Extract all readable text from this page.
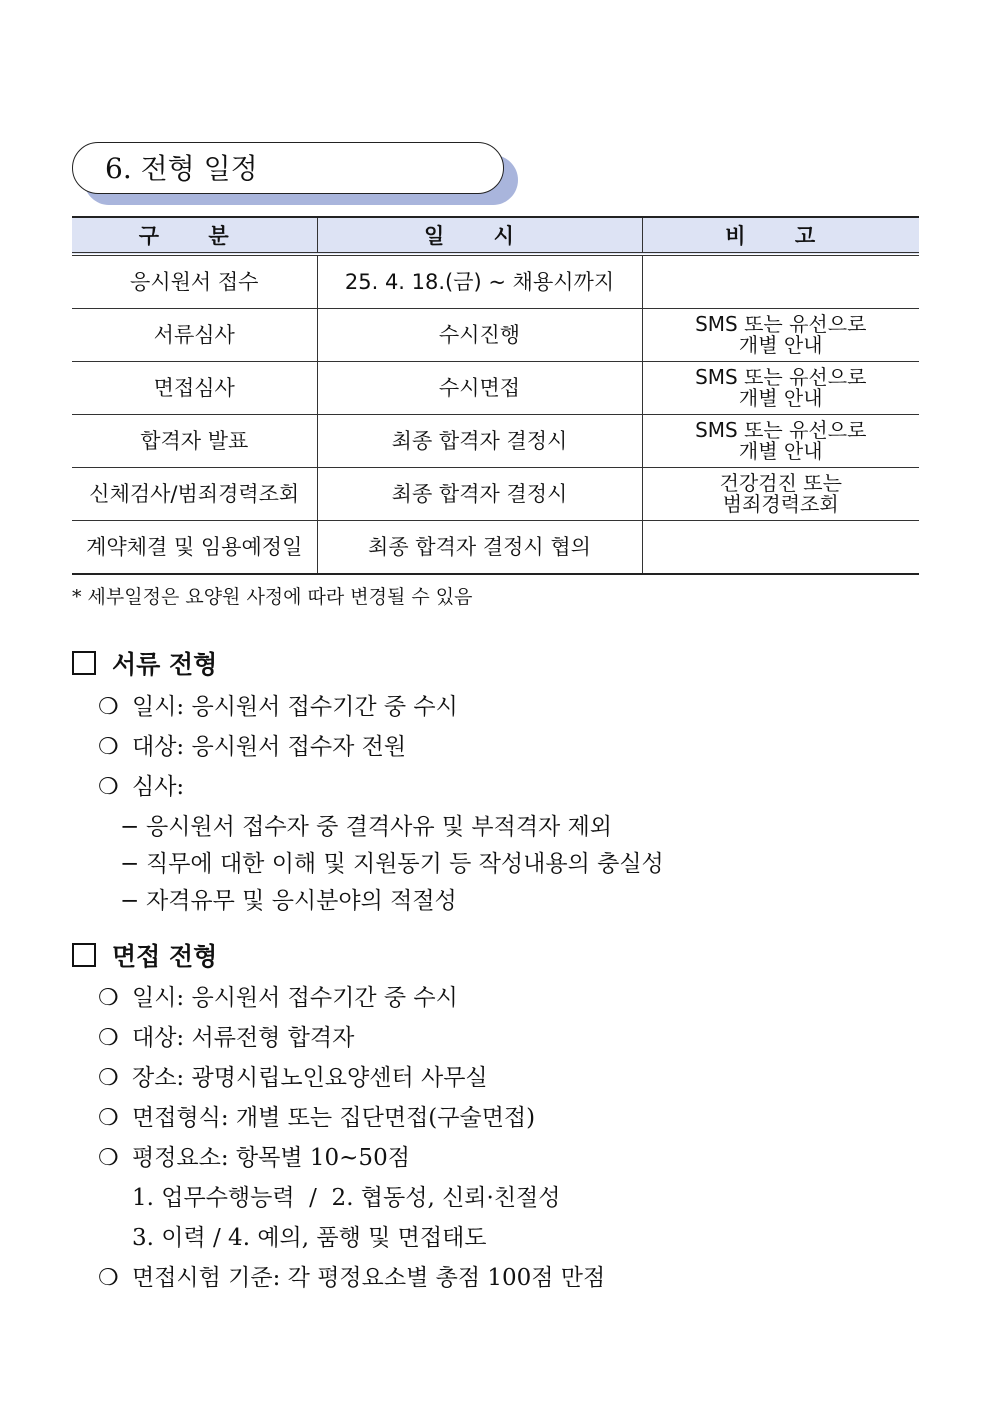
6. 전형 일정
구 분	일 시	비 고
응시원서 접수	25. 4. 18.(금) ~ 채용시까지	
서류심사	수시진행	SMS 또는 유선으로
개별 안내
면접심사	수시면접	SMS 또는 유선으로
개별 안내
합격자 발표	최종 합격자 결정시	SMS 또는 유선으로
개별 안내
신체검사/범죄경력조회	최종 합격자 결정시	건강검진 또는
범죄경력조회
계약체결 및 임용예정일	최종 합격자 결정시 협의	
* 세부일정은 요양원 사정에 따라 변경될 수 있음
서류 전형
❍ 일시: 응시원서 접수기간 중 수시
❍ 대상: 응시원서 접수자 전원
❍ 심사:
− 응시원서 접수자 중 결격사유 및 부적격자 제외
− 직무에 대한 이해 및 지원동기 등 작성내용의 충실성
− 자격유무 및 응시분야의 적절성
면접 전형
❍ 일시: 응시원서 접수기간 중 수시
❍ 대상: 서류전형 합격자
❍ 장소: 광명시립노인요양센터 사무실
❍ 면접형식: 개별 또는 집단면접(구술면접)
❍ 평정요소: 항목별 10~50점
1. 업무수행능력  /  2. 협동성, 신뢰·친절성
3. 이력 / 4. 예의, 품행 및 면접태도
❍ 면접시험 기준: 각 평정요소별 총점 100점 만점
